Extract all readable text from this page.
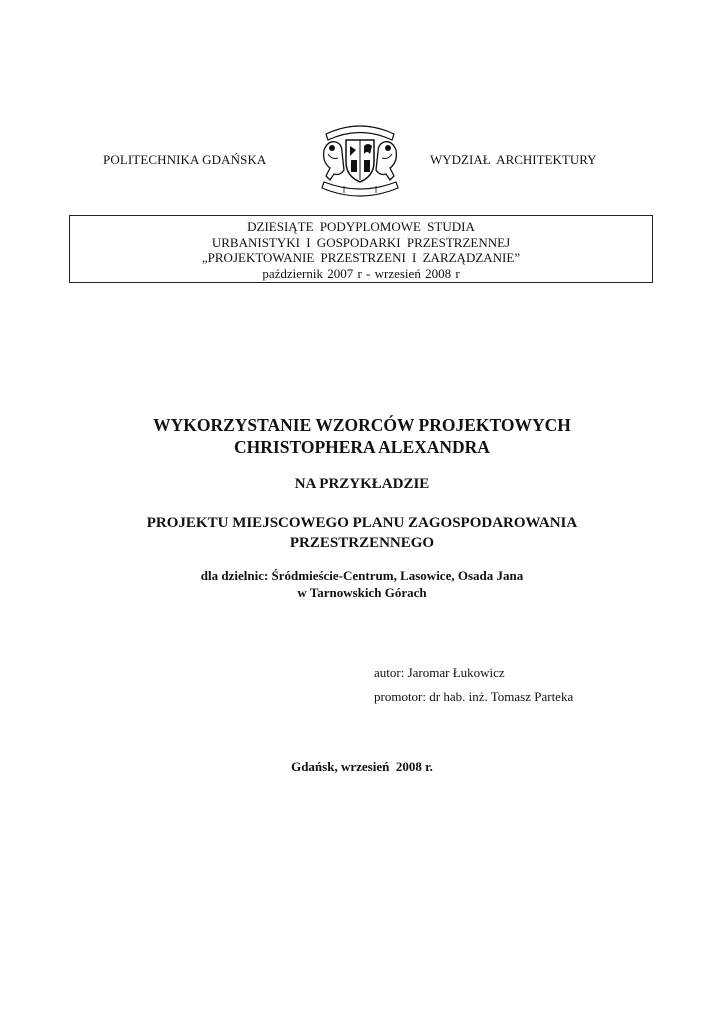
POLITECHNIKA GDAŃSKA	WYDZIAŁ ARCHITEKTURY
DZIESIĄTE PODYPLOMOWE STUDIA
URBANISTYKI I GOSPODARKI PRZESTRZENNEJ
„PROJEKTOWANIE PRZESTRZENI I ZARZĄDZANIE”
październik 2007 r - wrzesień 2008 r
WYKORZYSTANIE WZORCÓW PROJEKTOWYCH
CHRISTOPHERA ALEXANDRA
NA PRZYKŁADZIE
PROJEKTU MIEJSCOWEGO PLANU ZAGOSPODAROWANIA
PRZESTRZENNEGO
dla dzielnic: Śródmieście-Centrum, Lasowice, Osada Jana
w Tarnowskich Górach
autor: Jaromar Łukowicz
promotor: dr hab. inż. Tomasz Parteka
Gdańsk, wrzesień  2008 r.
